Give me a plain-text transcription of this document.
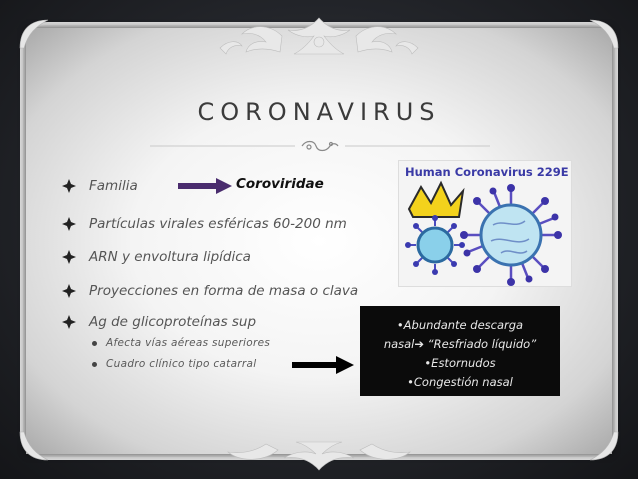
CORONAVIRUS
Familia
Partículas virales esféricas 60-200 nm
ARN y envoltura lipídica
Proyecciones en forma de masa o clava
Ag de glicoproteínas sup
Coroviridae
Afecta vías aéreas superiores
Cuadro clínico tipo catarral
Human Coronavirus 229E
•Abundante descarga
nasal➔ “Resfriado líquido”
•Estornudos
•Congestión nasal
